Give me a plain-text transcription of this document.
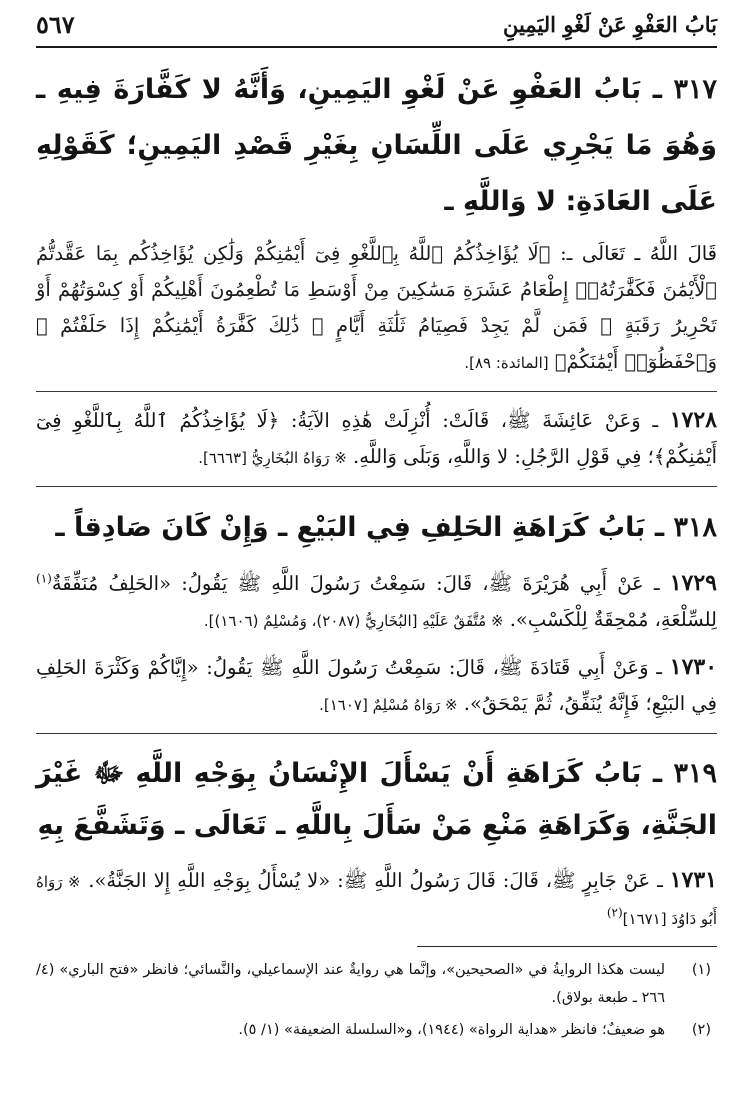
بَابُ العَفْوِ عَنْ لَغْوِ اليَمِينِ
٥٦٧
٣١٧ ـ بَابُ العَفْوِ عَنْ لَغْوِ اليَمِينِ، وَأَنَّهُ لا كَفَّارَةَ فِيهِ ـ وَهُوَ مَا يَجْرِي عَلَى اللِّسَانِ بِغَيْرِ قَصْدِ اليَمِينِ؛ كَقَوْلِهِ عَلَى العَادَةِ: لا وَاللَّهِ ـ

قَالَ اللَّهُ ـ تَعَالَى ـ: ﴿لَا يُؤَاخِذُكُمُ ٱللَّهُ بِٱللَّغْوِ فِىٓ أَيْمَٰنِكُمْ وَلَٰكِن يُؤَاخِذُكُم بِمَا عَقَّدتُّمُ ٱلْأَيْمَٰنَ فَكَفَّٰرَتُهُۥٓ إِطْعَامُ عَشَرَةِ مَسَٰكِينَ مِنْ أَوْسَطِ مَا تُطْعِمُونَ أَهْلِيكُمْ أَوْ كِسْوَتُهُمْ أَوْ تَحْرِيرُ رَقَبَةٍ ۖ فَمَن لَّمْ يَجِدْ فَصِيَامُ ثَلَٰثَةِ أَيَّامٍ ۚ ذَٰلِكَ كَفَّٰرَةُ أَيْمَٰنِكُمْ إِذَا حَلَفْتُمْ ۚ وَٱحْفَظُوٓا۟ أَيْمَٰنَكُمْ﴾ [المائدة: ٨٩].

١٧٢٨ ـ وَعَنْ عَائِشَةَ ﷺ، قَالَتْ: أُنْزِلَتْ هَٰذِهِ الآيَةُ: ﴿لَا يُؤَاخِذُكُمُ ٱللَّهُ بِٱللَّغْوِ فِىٓ أَيْمَٰنِكُمْ﴾؛ فِي قَوْلِ الرَّجُلِ: لا وَاللَّهِ، وَبَلَى وَاللَّهِ. ※ رَوَاهُ البُخَارِيُّ [٦٦٦٣].

٣١٨ ـ بَابُ كَرَاهَةِ الحَلِفِ فِي البَيْعِ ـ وَإِنْ كَانَ صَادِقاً ـ

١٧٢٩ ـ عَنْ أَبِي هُرَيْرَةَ ﷺ، قَالَ: سَمِعْتُ رَسُولَ اللَّهِ ﷺ يَقُولُ: «الحَلِفُ مُنَفِّقَةٌ$^{(١)}$ لِلسِّلْعَةِ، مُمْحِقَةٌ لِلْكَسْبِ». ※ مُتَّفَقٌ عَلَيْهِ [البُخَارِيُّ (٢٠٨٧)، وَمُسْلِمٌ (١٦٠٦)].

١٧٣٠ ـ وَعَنْ أَبِي قَتَادَةَ ﷺ، قَالَ: سَمِعْتُ رَسُولَ اللَّهِ ﷺ يَقُولُ: «إِيَّاكُمْ وَكَثْرَةَ الحَلِفِ فِي البَيْعِ؛ فَإِنَّهُ يُنَفِّقُ، ثُمَّ يَمْحَقُ». ※ رَوَاهُ مُسْلِمٌ [١٦٠٧].

٣١٩ ـ بَابُ كَرَاهَةِ أَنْ يَسْأَلَ الإِنْسَانُ بِوَجْهِ اللَّهِ ﷻ غَيْرَ الجَنَّةِ، وَكَرَاهَةِ مَنْعِ مَنْ سَأَلَ بِاللَّهِ ـ تَعَالَى ـ وَتَشَفَّعَ بِهِ

١٧٣١ ـ عَنْ جَابِرٍ ﷺ، قَالَ: قَالَ رَسُولُ اللَّهِ ﷺ: «لا يُسْأَلُ بِوَجْهِ اللَّهِ إِلا الجَنَّةُ». ※ رَوَاهُ أَبُو دَاوُدَ [١٦٧١]$^{(٢)}$

(١)
ليست هكذا الروايةُ في «الصحيحين»، وإنَّما هي روايةٌ عند الإسماعيلي، والنَّسائي؛ فانظر «فتح الباري» (٤/ ٢٦٦ ـ طبعة بولاق).
(٢)
هو ضعيفٌ؛ فانظر «هداية الرواة» (١٩٤٤)، و«السلسلة الضعيفة» (١/ ٥).
